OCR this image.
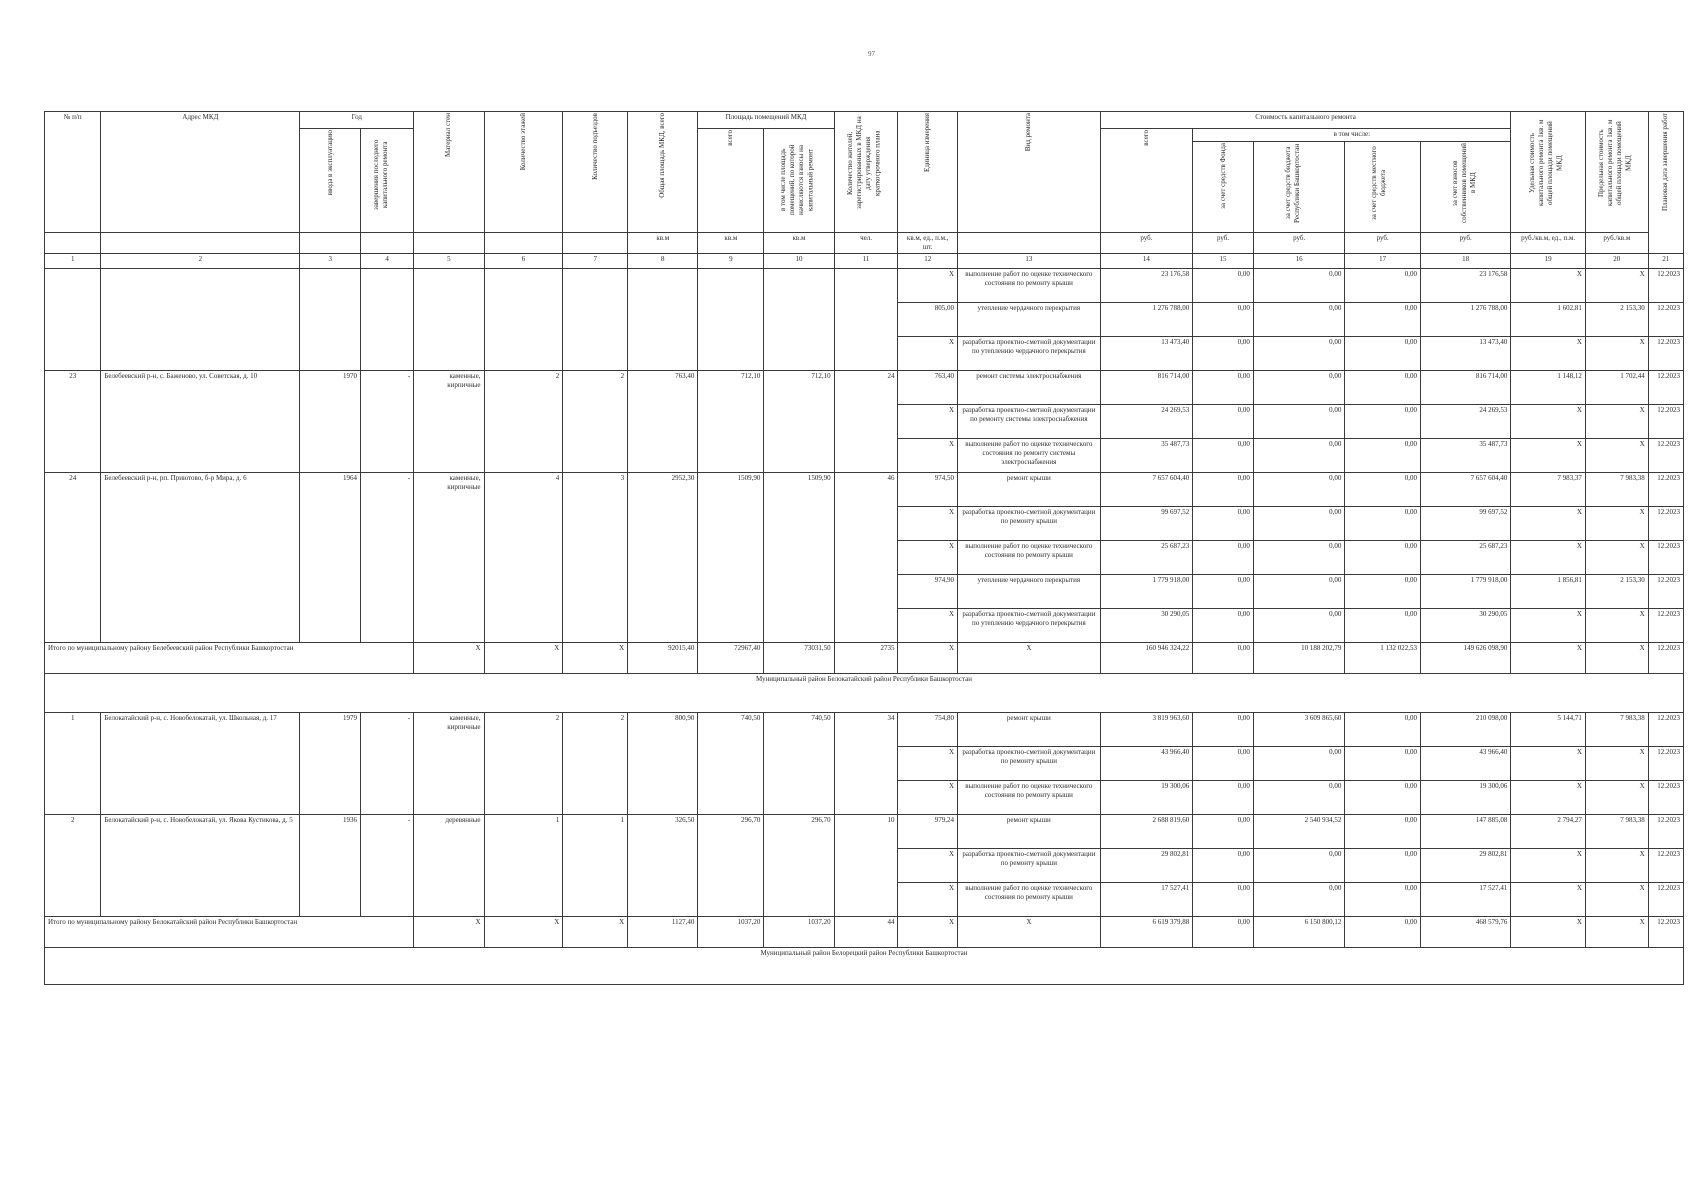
97
№ п/п	Адрес МКД	Год		Материал стен	Количество этажей	Количество подъездов	Общая площадь МКД, всего	Площадь помещений МКД		Количество жителей, зарегистрированных в МКД на дату утверждения краткосрочного плана	Единица измерения	Вид ремонта	Стоимость капитального ремонта					Удельная стоимость капитального ремонта 1кв. м общей площади помещений МКД	Предельная стоимость капитального ремонта 1кв. м общей площади помещений МКД	Плановая дата завершения работ

		ввода в эксплуатацию	завершения последнего капитального ремонта					всего	в том числе площадь помещений, по которой начисляются взносы на капитальный ремонт				всего	в том числе:						

														за счет средств Фонда	за счет средств бюджета Республики Башкортостан	за счет средств местного бюджета	за счет взносов собственников помещений в МКД			

							кв.м	кв.м	кв.м	чел.	кв.м, ед., п.м., шт.		руб.	руб.	руб.	руб.	руб.	руб./кв.м, ед., п.м.	руб./кв.м	
1	2	3	4	5	6	7	8	9	10	11	12	13	14	15	16	17	18	19	20	21
											X	выполнение работ по оценке технического состояния по ремонту крыши	23 176,58	0,00	0,00	0,00	23 176,58	X	X	12.2023
											805,00	утепление чердачного перекрытия	1 276 788,00	0,00	0,00	0,00	1 276 788,00	1 602,81	2 153,30	12.2023
											X	разработка проектно-сметной документации по утеплению чердачного перекрытия	13 473,40	0,00	0,00	0,00	13 473,40	X	X	12.2023
23	Белебеевский р-н, с. Баженово, ул. Советская, д. 10	1970	-	каменные, кирпичные	2	2	763,40	712,10	712,10	24	763,40	ремонт системы электроснабжения	816 714,00	0,00	0,00	0,00	816 714,00	1 148,12	1 702,44	12.2023
											X	разработка проектно-сметной документации по ремонту системы электроснабжения	24 269,53	0,00	0,00	0,00	24 269,53	X	X	12.2023
											X	выполнение работ по оценке технического состояния по ремонту системы электроснабжения	35 487,73	0,00	0,00	0,00	35 487,73	X	X	12.2023
24	Белебеевский р-н, рп. Приютово, б-р Мира, д. 6	1964	-	каменные, кирпичные	4	3	2952,30	1509,90	1509,90	46	974,50	ремонт крыши	7 657 604,40	0,00	0,00	0,00	7 657 604,40	7 983,37	7 983,38	12.2023
											X	разработка проектно-сметной документации по ремонту крыши	99 697,52	0,00	0,00	0,00	99 697,52	X	X	12.2023
											X	выполнение работ по оценке технического состояния по ремонту крыши	25 687,23	0,00	0,00	0,00	25 687,23	X	X	12.2023
											974,90	утепление чердачного перекрытия	1 779 918,00	0,00	0,00	0,00	1 779 918,00	1 856,81	2 153,30	12.2023
											X	разработка проектно-сметной документации по утеплению чердачного перекрытия	30 290,05	0,00	0,00	0,00	30 290,05	X	X	12.2023
Итого по муниципальному району Белебеевский район Республики Башкортостан				X	X	X	92015,40	72967,40	73031,50	2735	X	X	160 946 324,22	0,00	10 188 202,79	1 132 022,53	149 626 098,90	X	X	12.2023
Муниципальный район Белокатайский район Республики Башкортостан																				
1	Белокатайский р-н, с. Новобелокатай, ул. Школьная, д. 17	1979	-	каменные, кирпичные	2	2	800,90	740,50	740,50	34	754,80	ремонт крыши	3 819 963,60	0,00	3 609 865,60	0,00	210 098,00	5 144,71	7 983,38	12.2023
											X	разработка проектно-сметной документации по ремонту крыши	43 966,40	0,00	0,00	0,00	43 966,40	X	X	12.2023
											X	выполнение работ по оценке технического состояния по ремонту крыши	19 300,06	0,00	0,00	0,00	19 300,06	X	X	12.2023
2	Белокатайский р-н, с. Новобелокатай, ул. Якова Кустикова, д. 5	1936	-	деревянные	1	1	326,50	296,70	296,70	10	979,24	ремонт крыши	2 688 819,60	0,00	2 540 934,52	0,00	147 885,08	2 794,27	7 983,38	12.2023
											X	разработка проектно-сметной документации по ремонту крыши	29 802,81	0,00	0,00	0,00	29 802,81	X	X	12.2023
											X	выполнение работ по оценке технического состояния по ремонту крыши	17 527,41	0,00	0,00	0,00	17 527,41	X	X	12.2023
Итого по муниципальному району Белокатайский район Республики Башкортостан				X	X	X	1127,40	1037,20	1037,20	44	X	X	6 619 379,88	0,00	6 150 800,12	0,00	468 579,76	X	X	12.2023
Муниципальный район Белорецкий район Республики Башкортостан																				
